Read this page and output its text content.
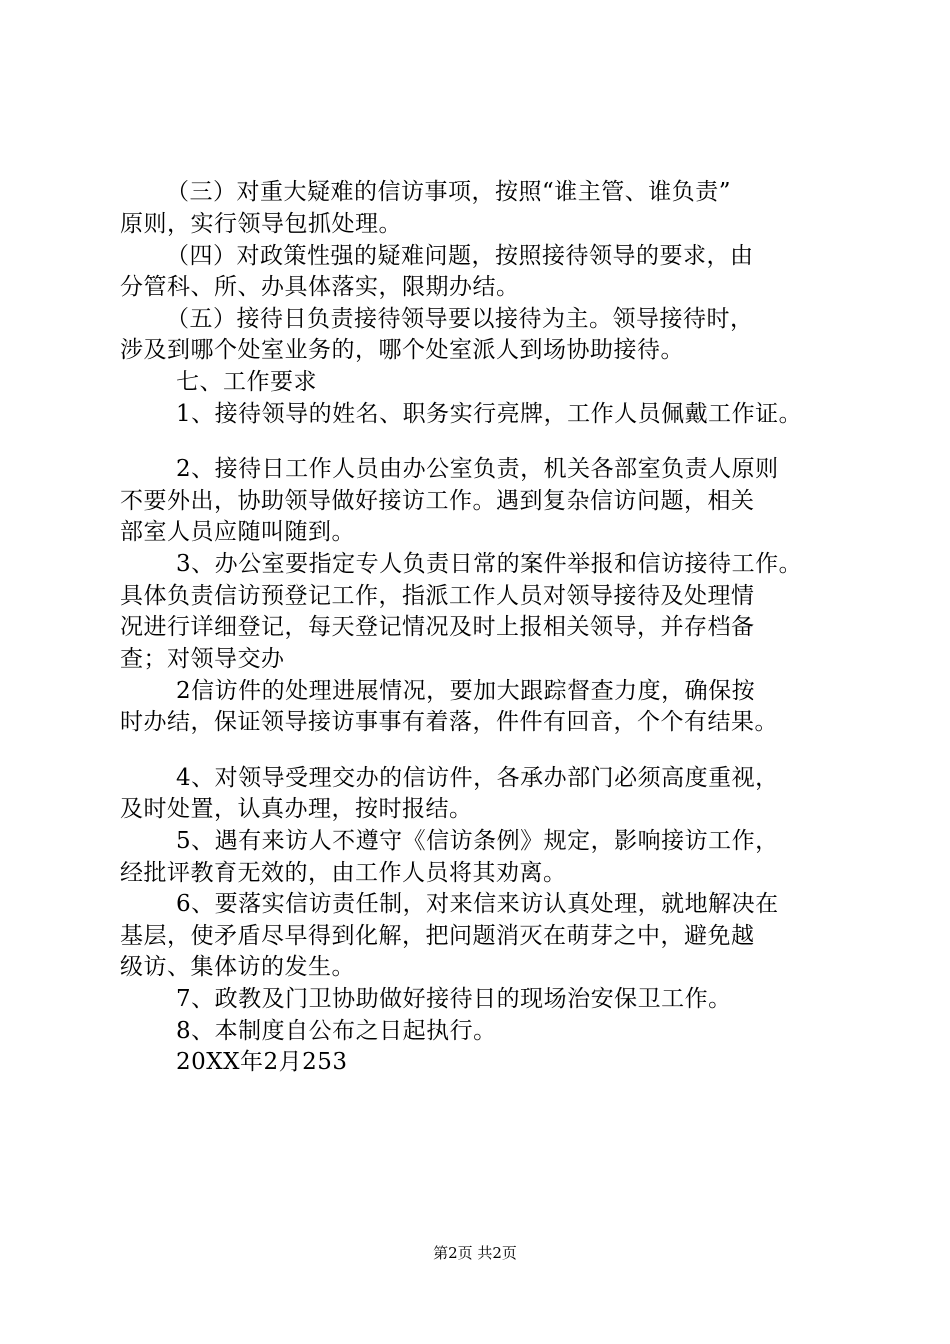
（三）对重大疑难的信访事项，按照“谁主管、谁负责”
原则，实行领导包抓处理。
（四）对政策性强的疑难问题，按照接待领导的要求，由
分管科、所、办具体落实，限期办结。
（五）接待日负责接待领导要以接待为主。领导接待时，
涉及到哪个处室业务的，哪个处室派人到场协助接待。
七、工作要求
1、接待领导的姓名、职务实行亮牌，工作人员佩戴工作证。
2、接待日工作人员由办公室负责，机关各部室负责人原则
不要外出，协助领导做好接访工作。遇到复杂信访问题，相关
部室人员应随叫随到。
3、办公室要指定专人负责日常的案件举报和信访接待工作。
具体负责信访预登记工作，指派工作人员对领导接待及处理情
况进行详细登记，每天登记情况及时上报相关领导，并存档备
查；对领导交办
2信访件的处理进展情况，要加大跟踪督查力度，确保按
时办结，保证领导接访事事有着落，件件有回音，个个有结果。
4、对领导受理交办的信访件，各承办部门必须高度重视，
及时处置，认真办理，按时报结。
5、遇有来访人不遵守《信访条例》规定，影响接访工作，
经批评教育无效的，由工作人员将其劝离。
6、要落实信访责任制，对来信来访认真处理，就地解决在
基层，使矛盾尽早得到化解，把问题消灭在萌芽之中，避免越
级访、集体访的发生。
7、政教及门卫协助做好接待日的现场治安保卫工作。
8、本制度自公布之日起执行。
20XX年2月253
第2页 共2页
